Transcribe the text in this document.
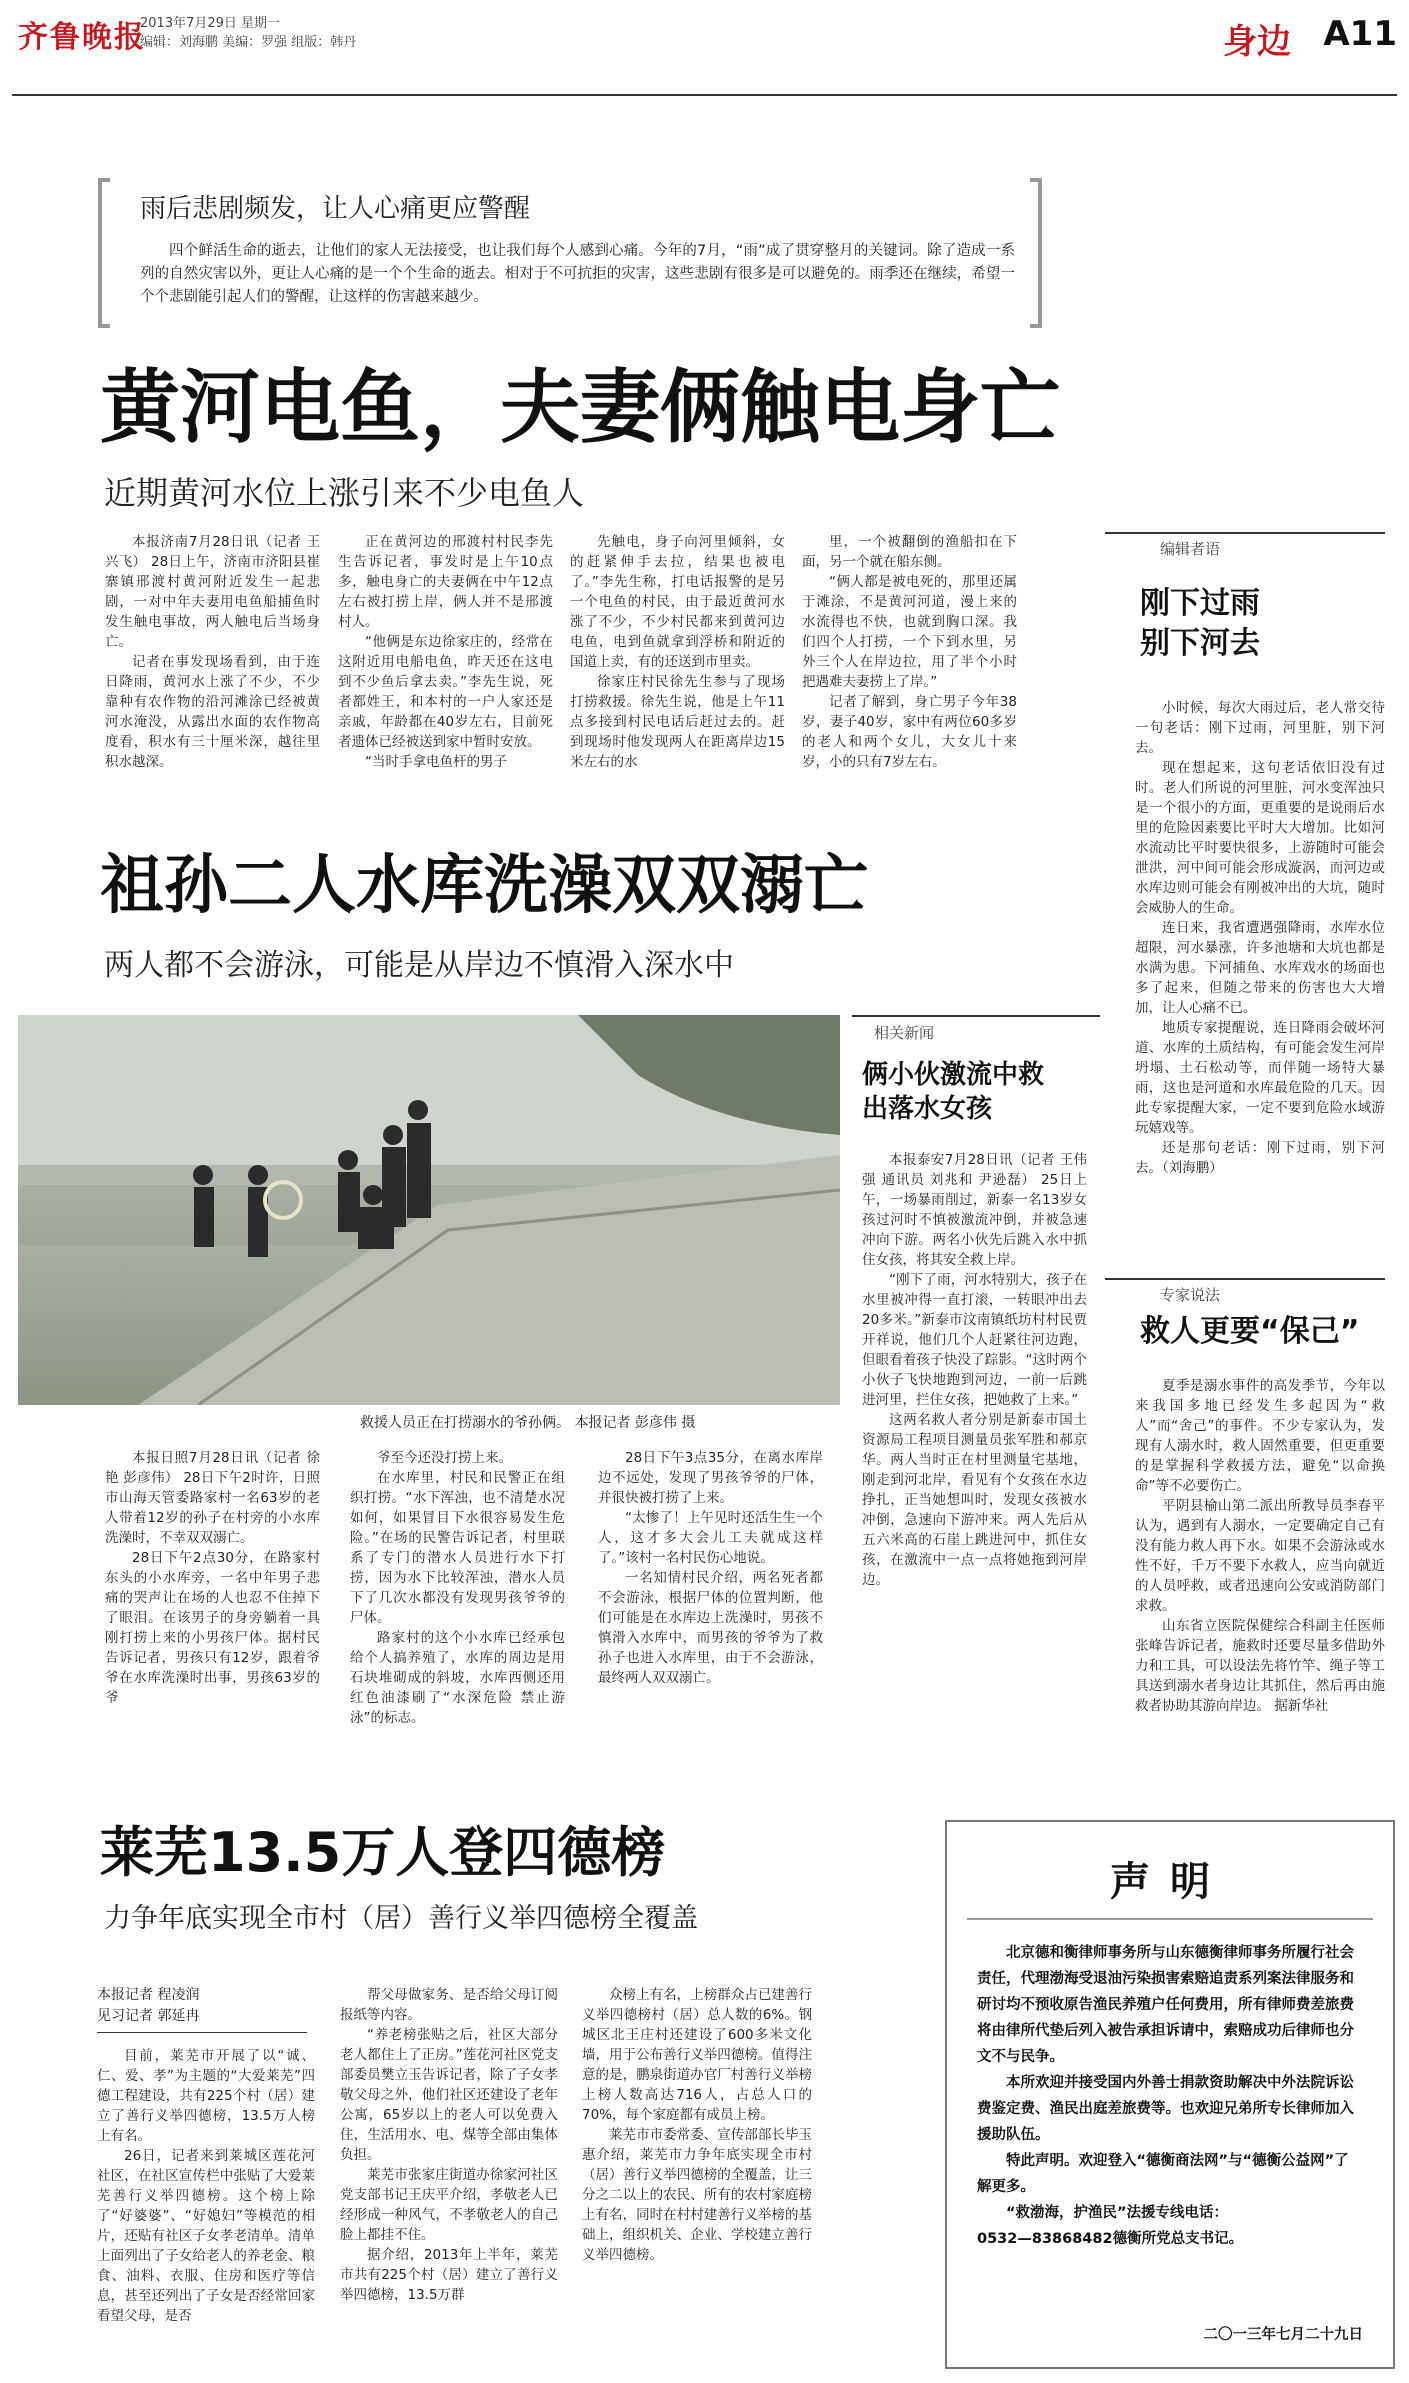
齐鲁晚报
2013年7月29日 星期一
编辑：刘海鹏 美编：罗强 组版：韩丹	身边 A11
雨后悲剧频发，让人心痛更应警醒

四个鲜活生命的逝去，让他们的家人无法接受，也让我们每个人感到心痛。今年的7月，“雨”成了贯穿整月的关键词。除了造成一系列的自然灾害以外，更让人心痛的是一个个生命的逝去。相对于不可抗拒的灾害，这些悲剧有很多是可以避免的。雨季还在继续，希望一个个悲剧能引起人们的警醒，让这样的伤害越来越少。

黄河电鱼，夫妻俩触电身亡
近期黄河水位上涨引来不少电鱼人

本报济南7月28日讯（记者 王兴飞） 28日上午，济南市济阳县崔寨镇邢渡村黄河附近发生一起悲剧，一对中年夫妻用电鱼船捕鱼时发生触电事故，两人触电后当场身亡。
记者在事发现场看到，由于连日降雨，黄河水上涨了不少，不少靠种有农作物的沿河滩涂已经被黄河水淹没，从露出水面的农作物高度看，积水有三十厘米深，越往里积水越深。

正在黄河边的邢渡村村民李先生告诉记者，事发时是上午10点多，触电身亡的夫妻俩在中午12点左右被打捞上岸，俩人并不是邢渡村人。
“他俩是东边徐家庄的，经常在这附近用电船电鱼，昨天还在这电到不少鱼后拿去卖。”李先生说，死者都姓王，和本村的一户人家还是亲戚，年龄都在40岁左右，目前死者遗体已经被送到家中暂时安放。
“当时手拿电鱼杆的男子

先触电，身子向河里倾斜，女的赶紧伸手去拉，结果也被电了。”李先生称，打电话报警的是另一个电鱼的村民，由于最近黄河水涨了不少，不少村民都来到黄河边电鱼，电到鱼就拿到浮桥和附近的国道上卖，有的还送到市里卖。
徐家庄村民徐先生参与了现场打捞救援。徐先生说，他是上午11点多接到村民电话后赶过去的。赶到现场时他发现两人在距离岸边15米左右的水

里，一个被翻倒的渔船扣在下面，另一个就在船东侧。
“俩人都是被电死的，那里还属于滩涂，不是黄河河道，漫上来的水流得也不快，也就到胸口深。我们四个人打捞，一个下到水里，另外三个人在岸边拉，用了半个小时把遇难夫妻捞上了岸。”
记者了解到，身亡男子今年38岁，妻子40岁，家中有两位60多岁的老人和两个女儿，大女儿十来岁，小的只有7岁左右。

编辑者语
刚下过雨
别下河去

小时候，每次大雨过后，老人常交待一句老话：刚下过雨，河里脏，别下河去。
现在想起来，这句老话依旧没有过时。老人们所说的河里脏，河水变浑浊只是一个很小的方面，更重要的是说雨后水里的危险因素要比平时大大增加。比如河水流动比平时要快很多，上游随时可能会泄洪，河中间可能会形成漩涡，而河边或水库边则可能会有刚被冲出的大坑，随时会威胁人的生命。
连日来，我省遭遇强降雨，水库水位超限，河水暴涨，许多池塘和大坑也都是水满为患。下河捕鱼、水库戏水的场面也多了起来，但随之带来的伤害也大大增加，让人心痛不已。
地质专家提醒说，连日降雨会破坏河道、水库的土质结构，有可能会发生河岸坍塌、土石松动等，而伴随一场特大暴雨，这也是河道和水库最危险的几天。因此专家提醒大家，一定不要到危险水域游玩嬉戏等。
还是那句老话：刚下过雨，别下河去。（刘海鹏）

专家说法
救人更要“保己”

夏季是溺水事件的高发季节，今年以来我国多地已经发生多起因为“救人”而“舍己”的事件。不少专家认为，发现有人溺水时，救人固然重要，但更重要的是掌握科学救援方法，避免“以命换命”等不必要伤亡。
平阴县榆山第二派出所教导员李春平认为，遇到有人溺水，一定要确定自己有没有能力救人再下水。如果不会游泳或水性不好，千万不要下水救人，应当向就近的人员呼救，或者迅速向公安或消防部门求救。
山东省立医院保健综合科副主任医师张峰告诉记者，施救时还要尽量多借助外力和工具，可以设法先将竹竿、绳子等工具送到溺水者身边让其抓住，然后再由施救者协助其游向岸边。 据新华社

祖孙二人水库洗澡双双溺亡
两人都不会游泳，可能是从岸边不慎滑入深水中
救援人员正在打捞溺水的爷孙俩。 本报记者 彭彦伟 摄
相关新闻
俩小伙激流中救出落水女孩

本报泰安7月28日讯（记者 王伟强 通讯员 刘兆和 尹逊磊） 25日上午，一场暴雨削过，新泰一名13岁女孩过河时不慎被激流冲倒，并被急速冲向下游。两名小伙先后跳入水中抓住女孩，将其安全救上岸。
“刚下了雨，河水特别大，孩子在水里被冲得一直打滚，一转眼冲出去20多米。”新泰市汶南镇纸坊村村民贾开祥说，他们几个人赶紧往河边跑，但眼看着孩子快没了踪影。“这时两个小伙子飞快地跑到河边，一前一后跳进河里，拦住女孩，把她救了上来。”
这两名救人者分别是新泰市国土资源局工程项目测量员张军胜和郝京华。两人当时正在村里测量宅基地，刚走到河北岸，看见有个女孩在水边挣扎，正当她想叫时，发现女孩被水冲倒，急速向下游冲来。两人先后从五六米高的石崖上跳进河中，抓住女孩，在激流中一点一点将她拖到河岸边。

本报日照7月28日讯（记者 徐艳 彭彦伟） 28日下午2时许，日照市山海天管委路家村一名63岁的老人带着12岁的孙子在村旁的小水库洗澡时，不幸双双溺亡。
28日下午2点30分，在路家村东头的小水库旁，一名中年男子悲痛的哭声让在场的人也忍不住掉下了眼泪。在该男子的身旁躺着一具刚打捞上来的小男孩尸体。据村民告诉记者，男孩只有12岁，跟着爷爷在水库洗澡时出事，男孩63岁的爷

爷至今还没打捞上来。
在水库里，村民和民警正在组织打捞。“水下浑浊，也不清楚水况如何，如果冒目下水很容易发生危险。”在场的民警告诉记者，村里联系了专门的潜水人员进行水下打捞，因为水下比较浑浊，潜水人员下了几次水都没有发现男孩爷爷的尸体。
路家村的这个小水库已经承包给个人搞养殖了，水库的周边是用石块堆砌成的斜坡，水库西侧还用红色油漆刷了“水深危险 禁止游泳”的标志。

28日下午3点35分，在离水库岸边不远处，发现了男孩爷爷的尸体，并很快被打捞了上来。
“太惨了！上午见时还活生生一个人，这才多大会儿工夫就成这样了。”该村一名村民伤心地说。
一名知情村民介绍，两名死者都不会游泳，根据尸体的位置判断，他们可能是在水库边上洗澡时，男孩不慎滑入水库中，而男孩的爷爷为了救孙子也进入水库里，由于不会游泳，最终两人双双溺亡。

莱芜13.5万人登四德榜
力争年底实现全市村（居）善行义举四德榜全覆盖
本报记者 程凌润
见习记者 郭延冉

目前，莱芜市开展了以“诚、仁、爱、孝”为主题的“大爱莱芜”四德工程建设，共有225个村（居）建立了善行义举四德榜，13.5万人榜上有名。
26日，记者来到莱城区莲花河社区，在社区宣传栏中张贴了大爱莱芜善行义举四德榜。这个榜上除了“好婆婆”、“好媳妇”等模范的相片，还贴有社区子女孝老清单。清单上面列出了子女给老人的养老金、粮食、油料、衣服、住房和医疗等信息，甚至还列出了子女是否经常回家看望父母，是否

帮父母做家务、是否给父母订阅报纸等内容。
“养老榜张贴之后，社区大部分老人都住上了正房。”莲花河社区党支部委员樊立玉告诉记者，除了子女孝敬父母之外，他们社区还建设了老年公寓，65岁以上的老人可以免费入住，生活用水、电、煤等全部由集体负担。
莱芜市张家庄街道办徐家河社区党支部书记王庆平介绍，孝敬老人已经形成一种风气，不孝敬老人的自己脸上都挂不住。
据介绍，2013年上半年，莱芜市共有225个村（居）建立了善行义举四德榜，13.5万群

众榜上有名，上榜群众占已建善行义举四德榜村（居）总人数的6%。钢城区北王庄村还建设了600多米文化墙，用于公布善行义举四德榜。值得注意的是，鹏泉街道办官厂村善行义举榜上榜人数高达716人，占总人口的70%，每个家庭都有成员上榜。
莱芜市市委常委、宣传部部长毕玉惠介绍，莱芜市力争年底实现全市村（居）善行义举四德榜的全覆盖，让三分之二以上的农民、所有的农村家庭榜上有名，同时在村村建善行义举榜的基础上，组织机关、企业、学校建立善行义举四德榜。

声明

北京德和衡律师事务所与山东德衡律师事务所履行社会责任，代理渤海受退油污染损害索赔追责系列案法律服务和研讨均不预收原告渔民养殖户任何费用，所有律师费差旅费将由律所代垫后列入被告承担诉请中，索赔成功后律师也分文不与民争。

本所欢迎并接受国内外善士捐款资助解决中外法院诉讼费鉴定费、渔民出庭差旅费等。也欢迎兄弟所专长律师加入援助队伍。

特此声明。欢迎登入“德衡商法网”与“德衡公益网”了解更多。

“救渤海，护渔民”法援专线电话：

0532—83868482德衡所党总支书记。

二〇一三年七月二十九日
